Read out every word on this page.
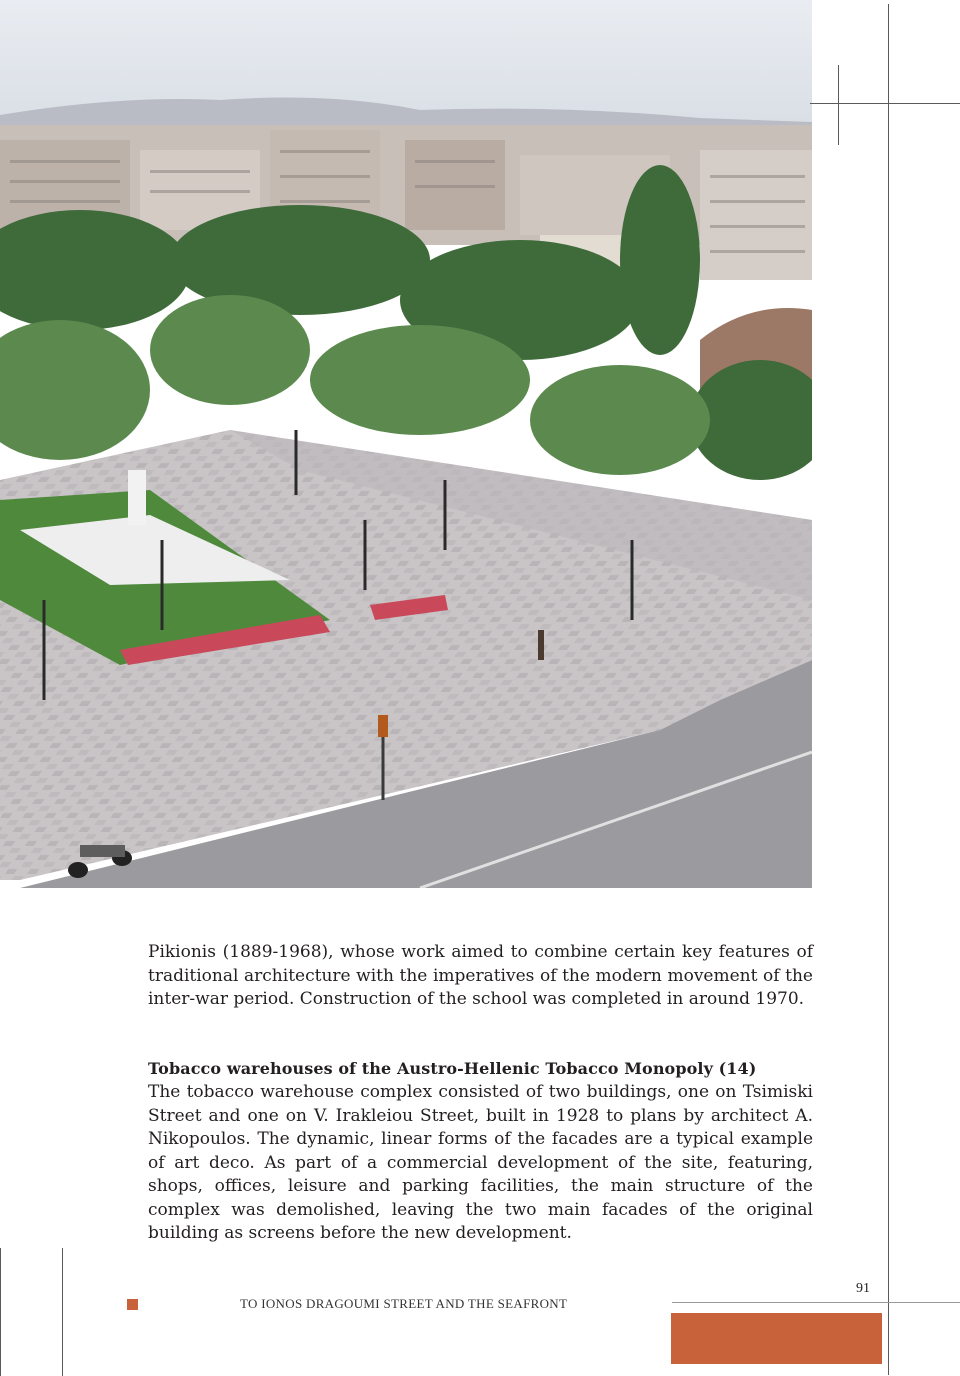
Pikionis (1889-1968), whose work aimed to combine certain key features of traditional architecture with the imperatives of the modern movement of the inter-war period. Construction of the school was completed in around 1970.
Tobacco warehouses of the Austro-Hellenic Tobacco Monopoly (14)
The tobacco warehouse complex consisted of two buildings, one on Tsimiski Street and one on V. Irakleiou Street, built in 1928 to plans by architect A. Nikopoulos. The dynamic, linear forms of the facades are a typical example of art deco. As part of a commercial development of the site, featuring, shops, offices, leisure and parking facilities, the main structure of the complex was demolished, leaving the two main facades of the original building as screens before the new development.
TO IONOS DRAGOUMI STREET AND THE SEAFRONT
91
